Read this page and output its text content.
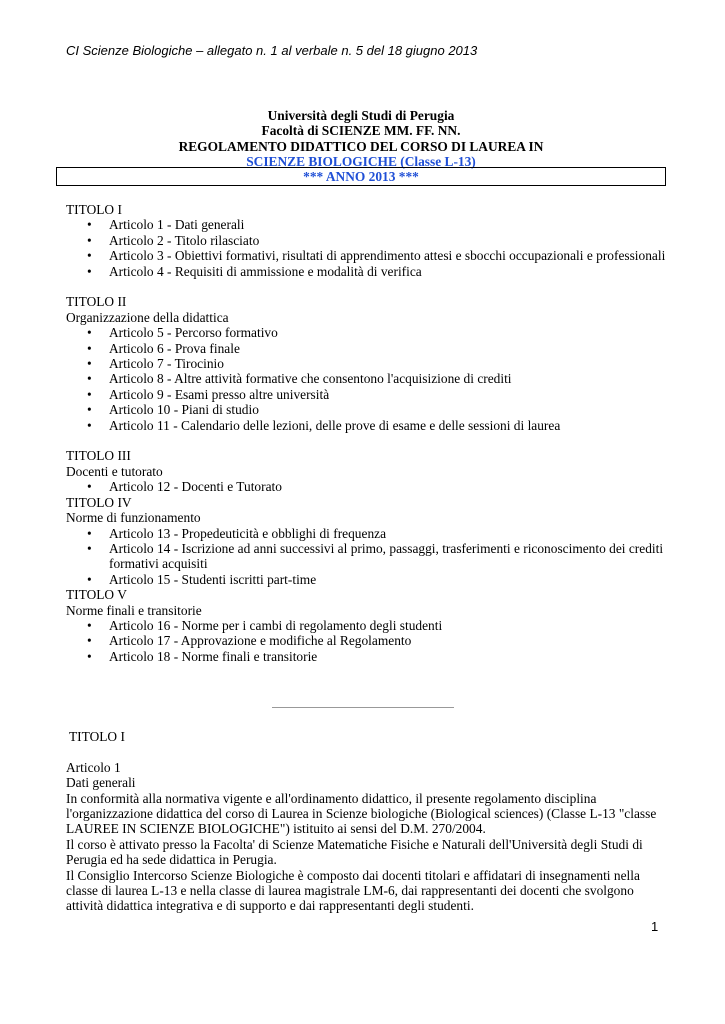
CI Scienze Biologiche – allegato n. 1 al verbale n. 5 del 18 giugno 2013
Università degli Studi di Perugia
Facoltà di SCIENZE MM. FF. NN.
REGOLAMENTO DIDATTICO DEL CORSO DI LAUREA IN
SCIENZE BIOLOGICHE (Classe L-13)
*** ANNO 2013 ***

TITOLO I

• Articolo 1 - Dati generali
• Articolo 2 - Titolo rilasciato
• Articolo 3 - Obiettivi formativi, risultati di apprendimento attesi e sbocchi occupazionali e professionali
• Articolo 4 - Requisiti di ammissione e modalità di verifica

TITOLO II

Organizzazione della didattica

• Articolo 5 - Percorso formativo
• Articolo 6 - Prova finale
• Articolo 7 - Tirocinio
• Articolo 8 - Altre attività formative che consentono l'acquisizione di crediti
• Articolo 9 - Esami presso altre università
• Articolo 10 - Piani di studio
• Articolo 11 - Calendario delle lezioni, delle prove di esame e delle sessioni di laurea

TITOLO III

Docenti e tutorato

• Articolo 12 - Docenti e Tutorato

TITOLO IV

Norme di funzionamento

• Articolo 13 - Propedeuticità e obblighi di frequenza
• Articolo 14 - Iscrizione ad anni successivi al primo, passaggi, trasferimenti e riconoscimento dei crediti formativi acquisiti
• Articolo 15 - Studenti iscritti part-time

TITOLO V

Norme finali e transitorie

• Articolo 16 - Norme per i cambi di regolamento degli studenti
• Articolo 17 - Approvazione e modifiche al Regolamento
• Articolo 18 - Norme finali e transitorie

TITOLO I

Articolo 1

Dati generali

In conformità alla normativa vigente e all'ordinamento didattico, il presente regolamento disciplina l'organizzazione didattica del corso di Laurea in Scienze biologiche (Biological sciences) (Classe L-13 "classe LAUREE IN SCIENZE BIOLOGICHE") istituito ai sensi del D.M. 270/2004.

Il corso è attivato presso la Facolta' di Scienze Matematiche Fisiche e Naturali dell'Università degli Studi di Perugia ed ha sede didattica in Perugia.

Il Consiglio Intercorso Scienze Biologiche è composto dai docenti titolari e affidatari di insegnamenti nella classe di laurea L-13 e nella classe di laurea magistrale LM-6, dai rappresentanti dei docenti che svolgono attività didattica integrativa e di supporto e dai rappresentanti degli studenti.

1
